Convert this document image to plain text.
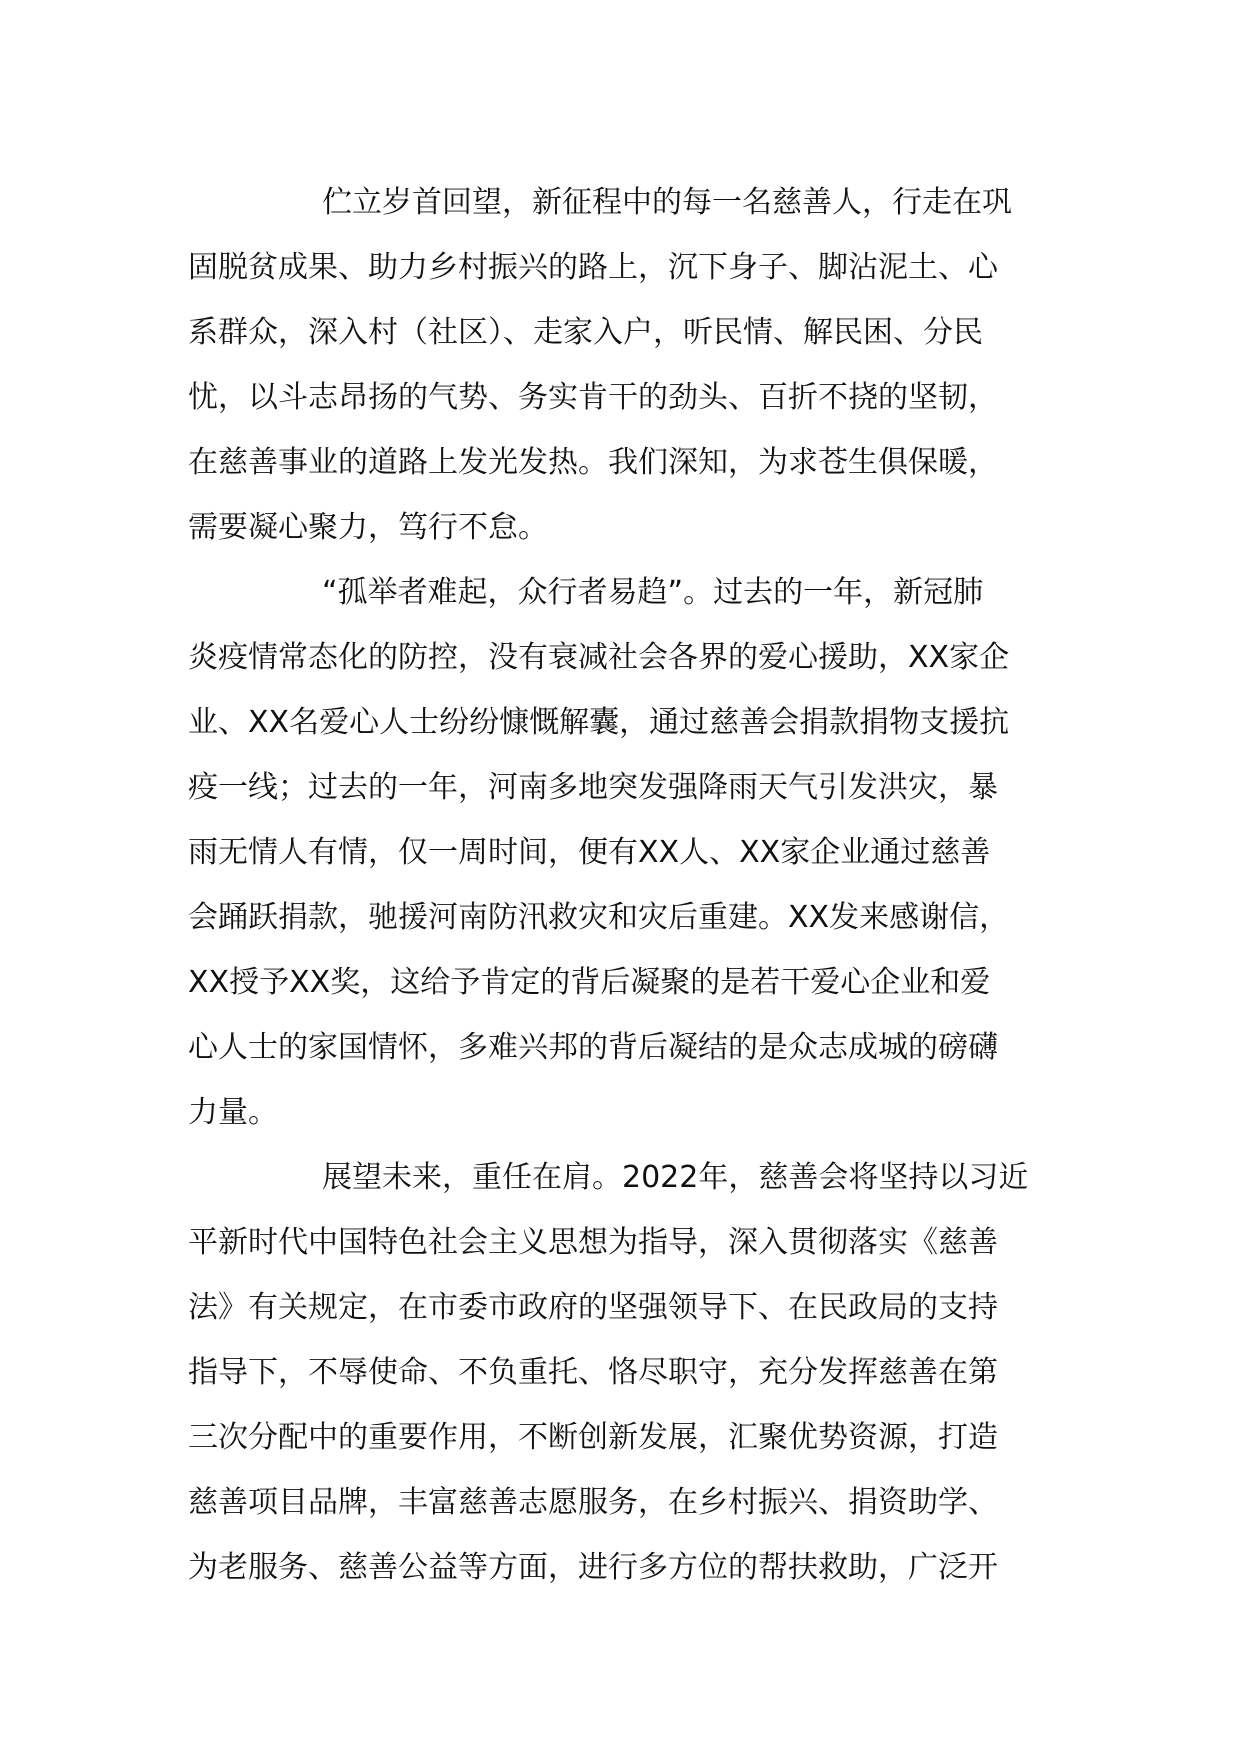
伫立岁首回望，新征程中的每一名慈善人，行走在巩
固脱贫成果、助力乡村振兴的路上，沉下身子、脚沾泥土、心
系群众，深入村（社区）、走家入户，听民情、解民困、分民
忧，以斗志昂扬的气势、务实肯干的劲头、百折不挠的坚韧，
在慈善事业的道路上发光发热。我们深知，为求苍生俱保暖，
需要凝心聚力，笃行不怠。
“孤举者难起，众行者易趋”。过去的一年，新冠肺
炎疫情常态化的防控，没有衰减社会各界的爱心援助，XX家企
业、XX名爱心人士纷纷慷慨解囊，通过慈善会捐款捐物支援抗
疫一线；过去的一年，河南多地突发强降雨天气引发洪灾，暴
雨无情人有情，仅一周时间，便有XX人、XX家企业通过慈善
会踊跃捐款，驰援河南防汛救灾和灾后重建。XX发来感谢信，
XX授予XX奖，这给予肯定的背后凝聚的是若干爱心企业和爱
心人士的家国情怀，多难兴邦的背后凝结的是众志成城的磅礴
力量。
展望未来，重任在肩。2022年，慈善会将坚持以习近
平新时代中国特色社会主义思想为指导，深入贯彻落实《慈善
法》有关规定，在市委市政府的坚强领导下、在民政局的支持
指导下，不辱使命、不负重托、恪尽职守，充分发挥慈善在第
三次分配中的重要作用，不断创新发展，汇聚优势资源，打造
慈善项目品牌，丰富慈善志愿服务，在乡村振兴、捐资助学、
为老服务、慈善公益等方面，进行多方位的帮扶救助，广泛开
